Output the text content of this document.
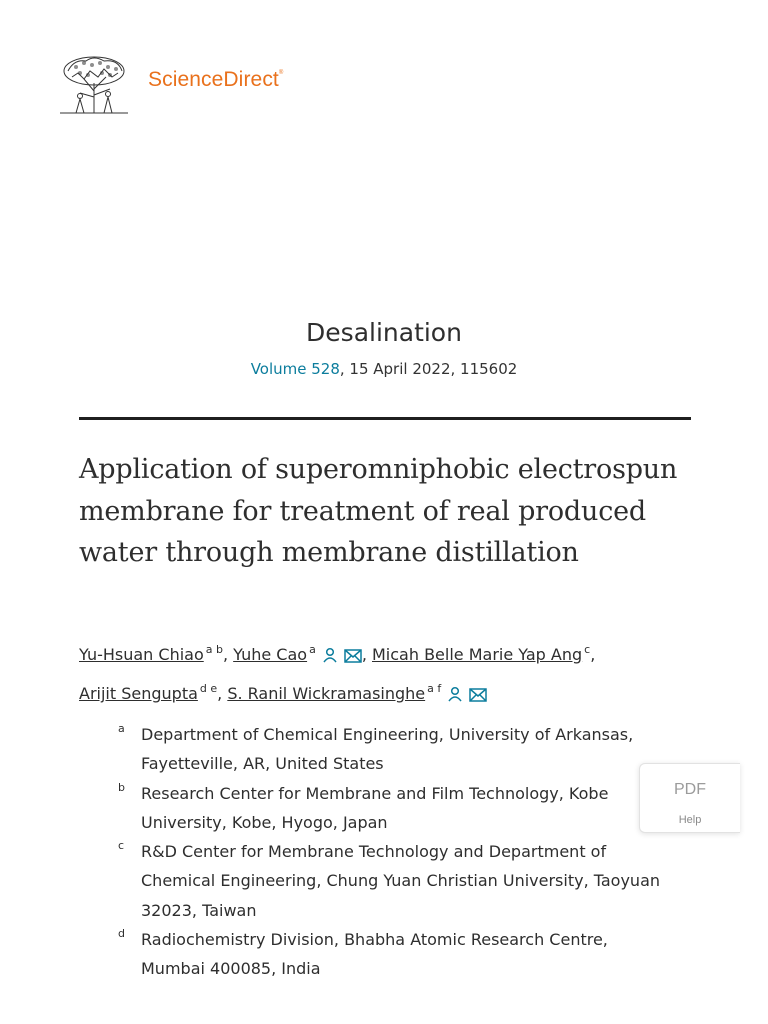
ScienceDirect®
Desalination
Volume 528, 15 April 2022, 115602
Application of superomniphobic electrospun membrane for treatment of real produced water through membrane distillation
Yu-Hsuan Chiao $^{a b}$, Yuhe Cao $^a$	, Micah Belle Marie Yap Ang $^c$,
Arijit Sengupta $^{d e}$, S. Ranil Wickramasinghe $^{a f}$
a Department of Chemical Engineering, University of Arkansas, Fayetteville, AR, United States
b Research Center for Membrane and Film Technology, Kobe University, Kobe, Hyogo, Japan
c R&D Center for Membrane Technology and Department of Chemical Engineering, Chung Yuan Christian University, Taoyuan 32023, Taiwan
d Radiochemistry Division, Bhabha Atomic Research Centre, Mumbai 400085, India
PDF
Help
